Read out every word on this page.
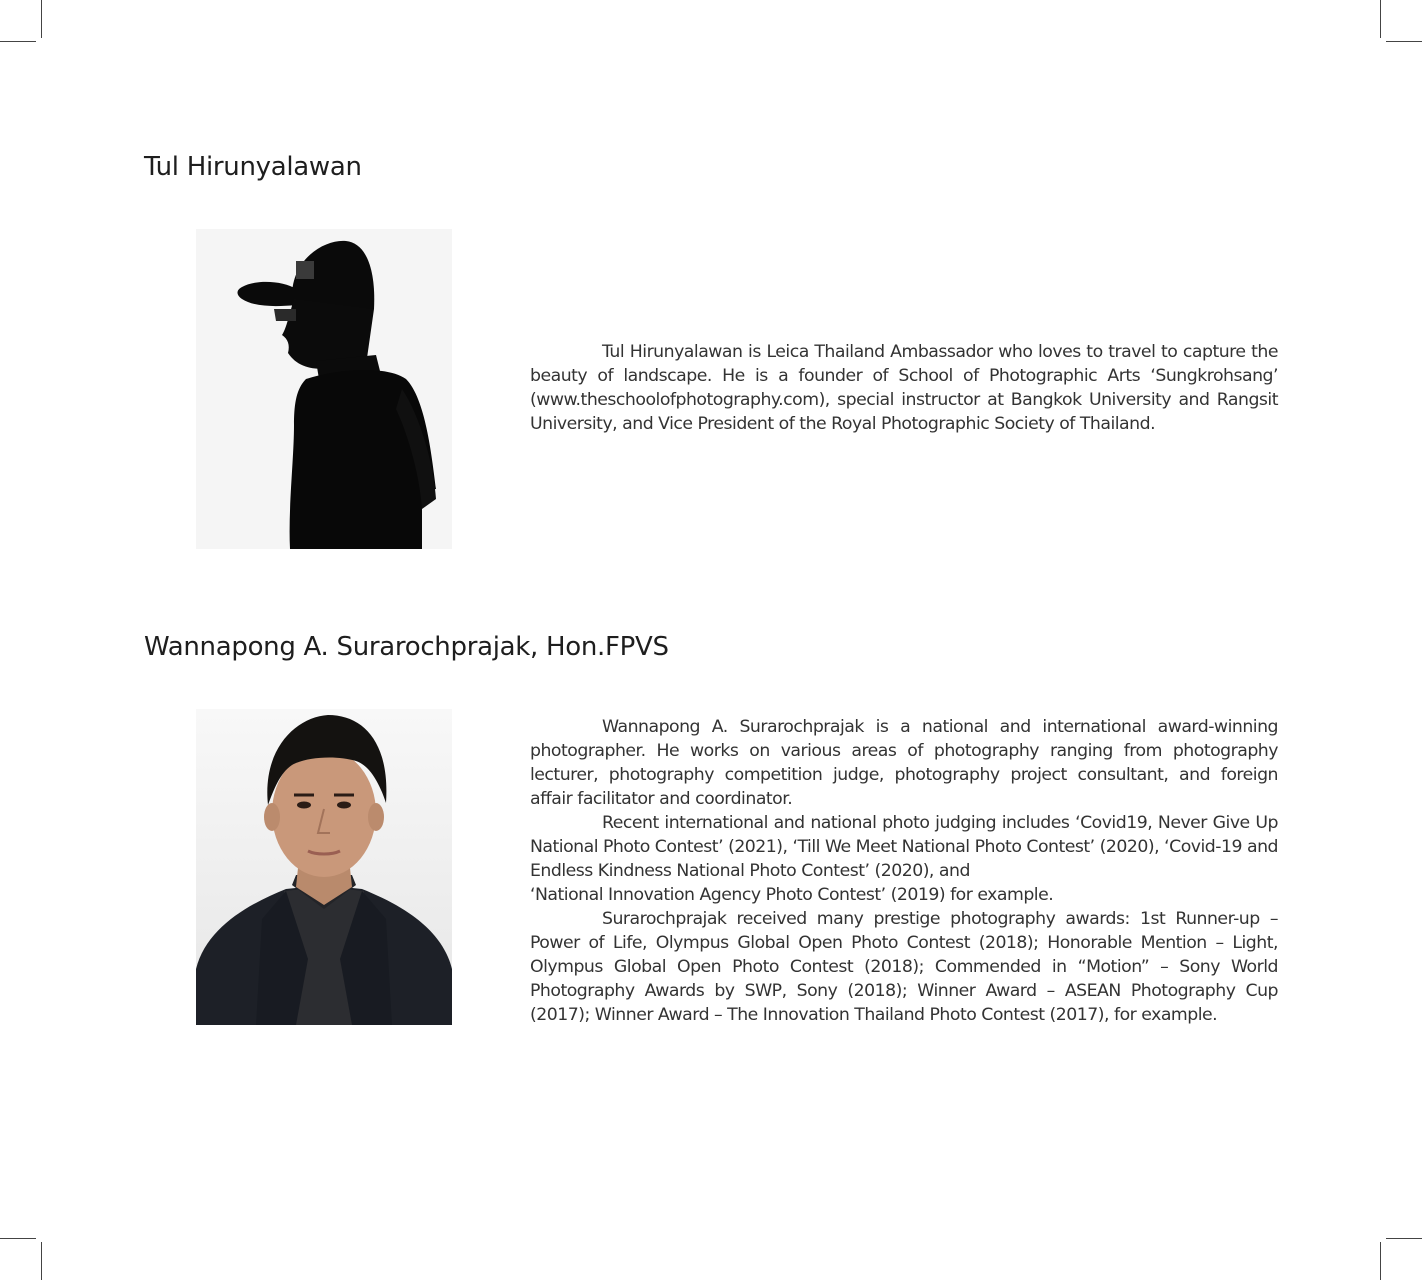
Tul Hirunyalawan

Tul Hirunyalawan is Leica Thailand Ambassador who loves to travel to capture the beauty of landscape. He is a founder of School of Photographic Arts ‘Sungkrohsang’ (www.theschoolofphotography.com), special instructor at Bangkok University and Rangsit University, and Vice President of the Royal Photographic Society of Thailand.

Wannapong A. Surarochprajak, Hon.FPVS

Wannapong A. Surarochprajak is a national and international award-winning photographer. He works on various areas of photography ranging from photography lecturer, photography competition judge, photography project consultant, and foreign affair facilitator and coordinator.

Recent international and national photo judging includes ‘Covid19, Never Give Up National Photo Contest’ (2021), ‘Till We Meet National Photo Contest’ (2020), ‘Covid-19 and Endless Kindness National Photo Contest’ (2020), and

‘National Innovation Agency Photo Contest’ (2019) for example.

Surarochprajak received many prestige photography awards: 1st Runner-up – Power of Life, Olympus Global Open Photo Contest (2018); Honorable Mention – Light, Olympus Global Open Photo Contest (2018); Commended in “Motion” – Sony World Photography Awards by SWP, Sony (2018); Winner Award – ASEAN Photography Cup (2017); Winner Award – The Innovation Thailand Photo Contest (2017), for example.
